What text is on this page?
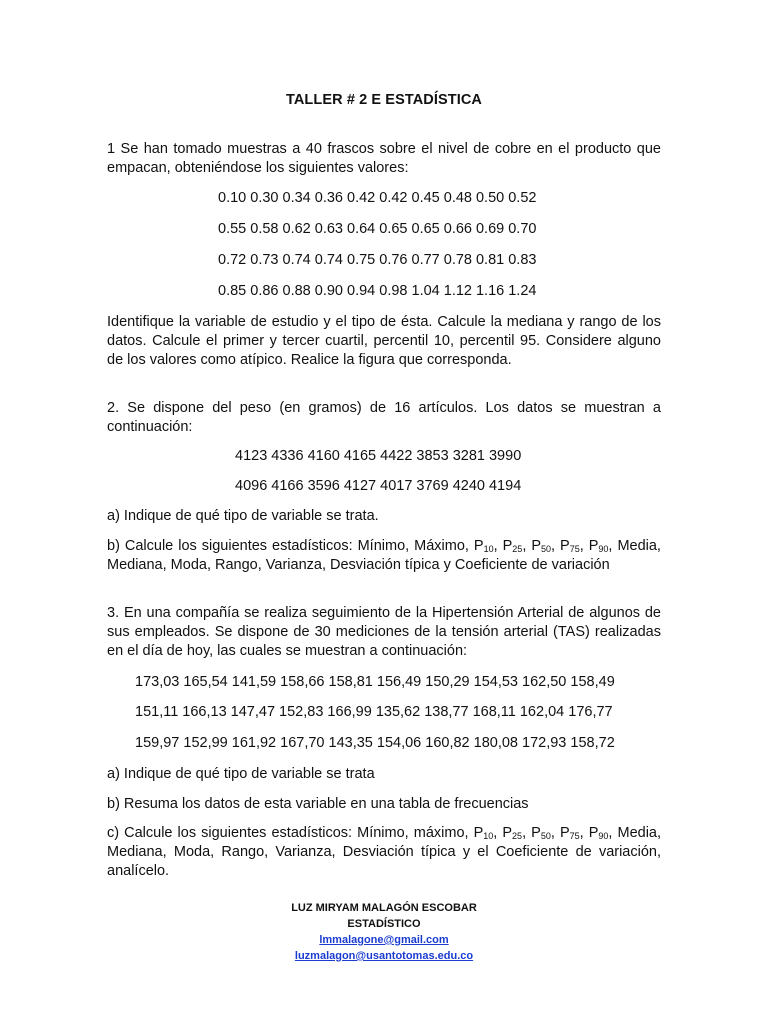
TALLER # 2 E ESTADÍSTICA
1 Se han tomado muestras a 40 frascos sobre el nivel de cobre en el producto que empacan, obteniéndose los siguientes valores:
0.10 0.30 0.34 0.36 0.42 0.42 0.45 0.48 0.50 0.52
0.55 0.58 0.62 0.63 0.64 0.65 0.65 0.66 0.69 0.70
0.72 0.73 0.74 0.74 0.75 0.76 0.77 0.78 0.81 0.83
0.85 0.86 0.88 0.90 0.94 0.98 1.04 1.12 1.16 1.24
Identifique la variable de estudio y el tipo de ésta. Calcule la mediana y rango de los datos. Calcule el primer y tercer cuartil, percentil 10, percentil 95. Considere alguno de los valores como atípico. Realice la figura que corresponda.
2. Se dispone del peso (en gramos) de 16 artículos. Los datos se muestran a continuación:
4123 4336 4160 4165 4422 3853 3281 3990
4096 4166 3596 4127 4017 3769 4240 4194
a) Indique de qué tipo de variable se trata.
b) Calcule los siguientes estadísticos: Mínimo, Máximo, $P_{10}$, $P_{25}$, $P_{50}$, $P_{75}$, $P_{90}$, Media, Mediana, Moda, Rango, Varianza, Desviación típica y Coeficiente de variación
3. En una compañía se realiza seguimiento de la Hipertensión Arterial de algunos de sus empleados. Se dispone de 30 mediciones de la tensión arterial (TAS) realizadas en el día de hoy, las cuales se muestran a continuación:
173,03 165,54 141,59 158,66 158,81 156,49 150,29 154,53 162,50 158,49
151,11 166,13 147,47 152,83 166,99 135,62 138,77 168,11 162,04 176,77
159,97 152,99 161,92 167,70 143,35 154,06 160,82 180,08 172,93 158,72
a) Indique de qué tipo de variable se trata
b) Resuma los datos de esta variable en una tabla de frecuencias
c) Calcule los siguientes estadísticos: Mínimo, máximo, $P_{10}$, $P_{25}$, $P_{50}$, $P_{75}$, $P_{90}$, Media, Mediana, Moda, Rango, Varianza, Desviación típica y el Coeficiente de variación, analícelo.
LUZ MIRYAM MALAGÓN ESCOBAR
ESTADÍSTICO
lmmalagone@gmail.com
luzmalagon@usantotomas.edu.co
